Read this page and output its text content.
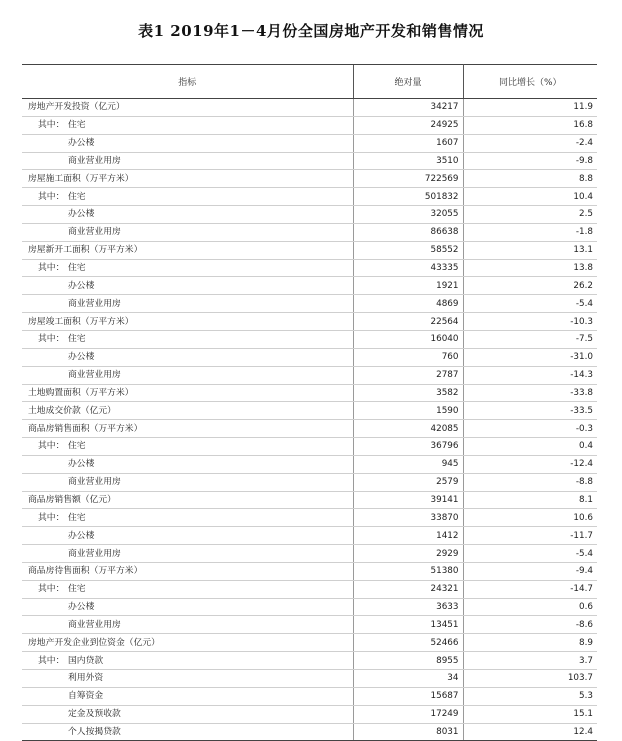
表1 2019年1－4月份全国房地产开发和销售情况
指标	绝对量	同比增长（%）
房地产开发投资（亿元）	34217	11.9
其中： 住宅	24925	16.8
办公楼	1607	-2.4
商业营业用房	3510	-9.8
房屋施工面积（万平方米）	722569	8.8
其中： 住宅	501832	10.4
办公楼	32055	2.5
商业营业用房	86638	-1.8
房屋新开工面积（万平方米）	58552	13.1
其中： 住宅	43335	13.8
办公楼	1921	26.2
商业营业用房	4869	-5.4
房屋竣工面积（万平方米）	22564	-10.3
其中： 住宅	16040	-7.5
办公楼	760	-31.0
商业营业用房	2787	-14.3
土地购置面积（万平方米）	3582	-33.8
土地成交价款（亿元）	1590	-33.5
商品房销售面积（万平方米）	42085	-0.3
其中： 住宅	36796	0.4
办公楼	945	-12.4
商业营业用房	2579	-8.8
商品房销售额（亿元）	39141	8.1
其中： 住宅	33870	10.6
办公楼	1412	-11.7
商业营业用房	2929	-5.4
商品房待售面积（万平方米）	51380	-9.4
其中： 住宅	24321	-14.7
办公楼	3633	0.6
商业营业用房	13451	-8.6
房地产开发企业到位资金（亿元）	52466	8.9
其中： 国内贷款	8955	3.7
利用外资	34	103.7
自筹资金	15687	5.3
定金及预收款	17249	15.1
个人按揭贷款	8031	12.4
